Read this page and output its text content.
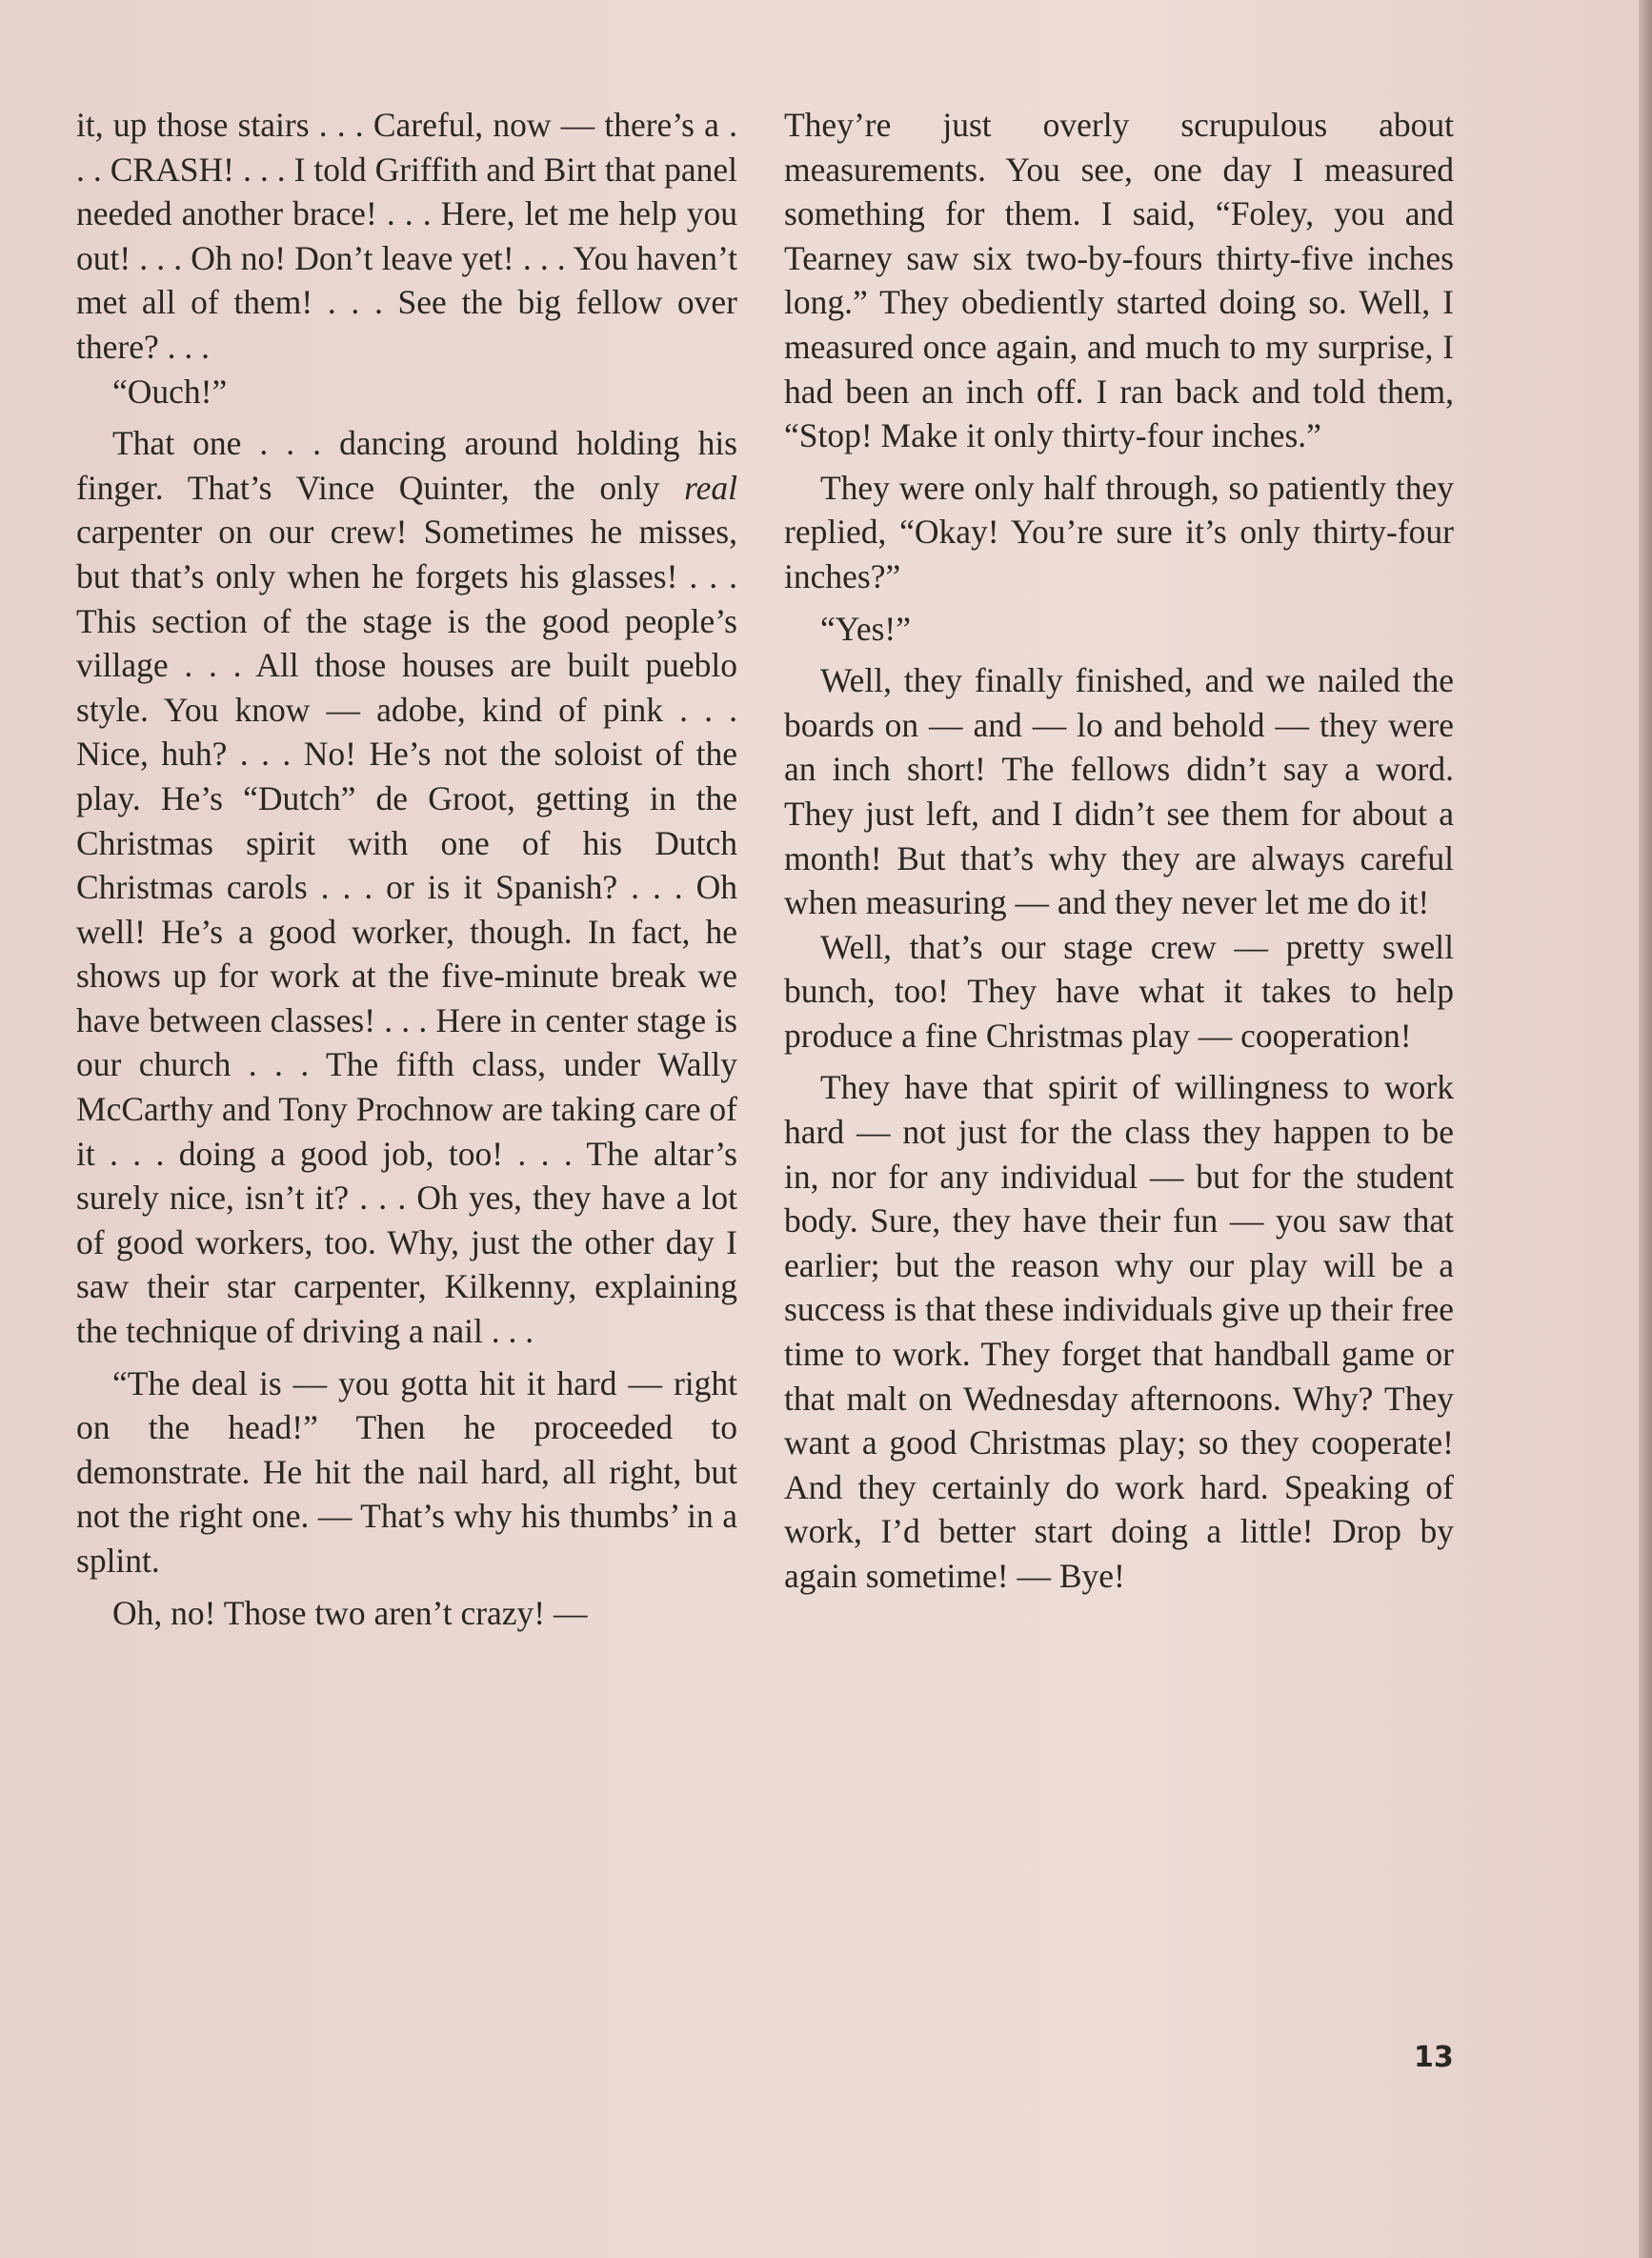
it, up those stairs . . . Careful, now — there’s a . . . CRASH! . . . I told Griffith and Birt that panel needed another brace! . . . Here, let me help you out! . . . Oh no! Don’t leave yet! . . . You haven’t met all of them! . . . See the big fellow over there? . . .

“Ouch!”

That one . . . dancing around holding his finger. That’s Vince Quinter, the only real carpenter on our crew! Sometimes he misses, but that’s only when he forgets his glasses! . . . This section of the stage is the good people’s village . . . All those houses are built pueblo style. You know — adobe, kind of pink . . . Nice, huh? . . . No! He’s not the soloist of the play. He’s “Dutch” de Groot, getting in the Christmas spirit with one of his Dutch Christmas carols . . . or is it Spanish? . . . Oh well! He’s a good worker, though. In fact, he shows up for work at the five-minute break we have between classes! . . . Here in center stage is our church . . . The fifth class, under Wally McCarthy and Tony Prochnow are taking care of it . . . doing a good job, too! . . . The altar’s surely nice, isn’t it? . . . Oh yes, they have a lot of good workers, too. Why, just the other day I saw their star carpenter, Kilkenny, explaining the technique of driving a nail . . .

“The deal is — you gotta hit it hard — right on the head!” Then he proceeded to demonstrate. He hit the nail hard, all right, but not the right one. — That’s why his thumbs’ in a splint.

Oh, no! Those two aren’t crazy! —

They’re just overly scrupulous about measurements. You see, one day I measured something for them. I said, “Foley, you and Tearney saw six two-by-fours thirty-five inches long.” They obediently started doing so. Well, I measured once again, and much to my surprise, I had been an inch off. I ran back and told them, “Stop! Make it only thirty-four inches.”

They were only half through, so patiently they replied, “Okay! You’re sure it’s only thirty-four inches?”

“Yes!”

Well, they finally finished, and we nailed the boards on — and — lo and behold — they were an inch short! The fellows didn’t say a word. They just left, and I didn’t see them for about a month! But that’s why they are always careful when measuring — and they never let me do it!

Well, that’s our stage crew — pretty swell bunch, too! They have what it takes to help produce a fine Christmas play — cooperation!

They have that spirit of willingness to work hard — not just for the class they happen to be in, nor for any individual — but for the student body. Sure, they have their fun — you saw that earlier; but the reason why our play will be a success is that these individuals give up their free time to work. They forget that handball game or that malt on Wednesday afternoons. Why? They want a good Christmas play; so they cooperate! And they certainly do work hard. Speaking of work, I’d better start doing a little! Drop by again sometime! — Bye!

13
